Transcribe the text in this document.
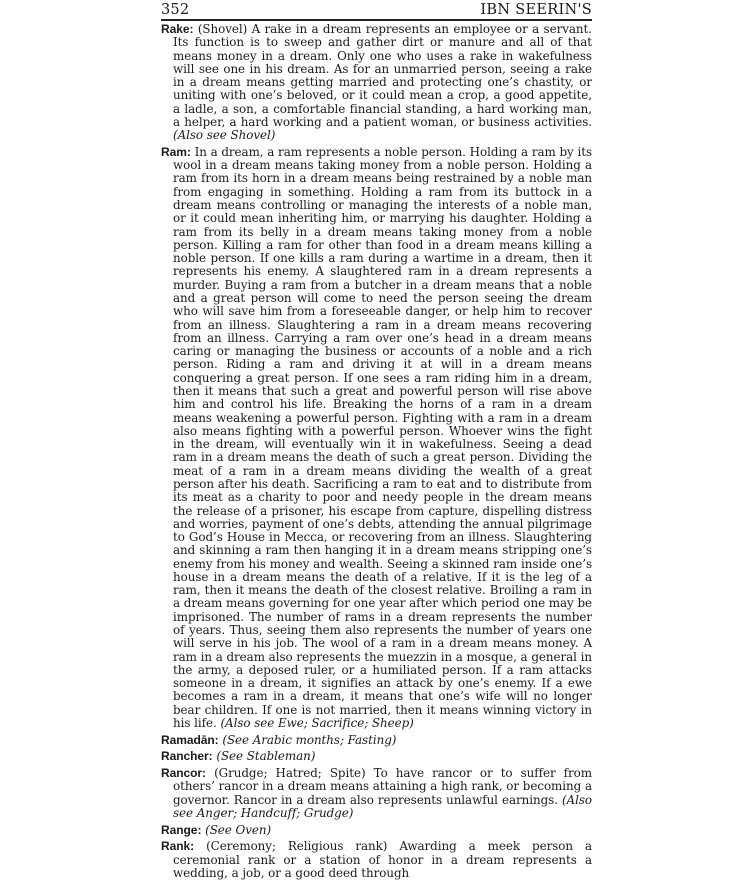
352	IBN SEERIN'S

Rake: (Shovel) A rake in a dream represents an employee or a servant. Its function is to sweep and gather dirt or manure and all of that means money in a dream. Only one who uses a rake in wakefulness will see one in his dream. As for an unmarried person, seeing a rake in a dream means getting married and protecting one’s chastity, or uniting with one’s beloved, or it could mean a crop, a good appetite, a ladle, a son, a comfortable financial standing, a hard working man, a helper, a hard working and a patient woman, or business activities. (Also see Shovel)

Ram: In a dream, a ram represents a noble person. Holding a ram by its wool in a dream means taking money from a noble person. Holding a ram from its horn in a dream means being restrained by a noble man from engaging in something. Holding a ram from its buttock in a dream means controlling or managing the interests of a noble man, or it could mean inheriting him, or marrying his daughter. Holding a ram from its belly in a dream means taking money from a noble person. Killing a ram for other than food in a dream means killing a noble person. If one kills a ram during a wartime in a dream, then it represents his enemy. A slaughtered ram in a dream represents a murder. Buying a ram from a butcher in a dream means that a noble and a great person will come to need the person seeing the dream who will save him from a foreseeable danger, or help him to recover from an illness. Slaughtering a ram in a dream means recovering from an illness. Carrying a ram over one’s head in a dream means caring or managing the business or accounts of a noble and a rich person. Riding a ram and driving it at will in a dream means conquering a great person. If one sees a ram riding him in a dream, then it means that such a great and powerful person will rise above him and control his life. Breaking the horns of a ram in a dream means weakening a powerful person. Fighting with a ram in a dream also means fighting with a powerful person. Whoever wins the fight in the dream, will eventually win it in wakefulness. Seeing a dead ram in a dream means the death of such a great person. Dividing the meat of a ram in a dream means dividing the wealth of a great person after his death. Sacrificing a ram to eat and to distribute from its meat as a charity to poor and needy people in the dream means the release of a prisoner, his escape from capture, dispelling distress and worries, payment of one’s debts, attending the annual pilgrimage to God’s House in Mecca, or recovering from an illness. Slaughtering and skinning a ram then hanging it in a dream means stripping one’s enemy from his money and wealth. Seeing a skinned ram inside one’s house in a dream means the death of a relative. If it is the leg of a ram, then it means the death of the closest relative. Broiling a ram in a dream means governing for one year after which period one may be imprisoned. The number of rams in a dream represents the number of years. Thus, seeing them also represents the number of years one will serve in his job. The wool of a ram in a dream means money. A ram in a dream also represents the muezzin in a mosque, a general in the army, a deposed ruler, or a humiliated person. If a ram attacks someone in a dream, it signifies an attack by one’s enemy. If a ewe becomes a ram in a dream, it means that one’s wife will no longer bear children. If one is not married, then it means winning victory in his life. (Also see Ewe; Sacrifice; Sheep)

Ramadān: (See Arabic months; Fasting)

Rancher: (See Stableman)

Rancor: (Grudge; Hatred; Spite) To have rancor or to suffer from others’ rancor in a dream means attaining a high rank, or becoming a governor. Rancor in a dream also represents unlawful earnings. (Also see Anger; Handcuff; Grudge)

Range: (See Oven)

Rank: (Ceremony; Religious rank) Awarding a meek person a ceremonial rank or a station of honor in a dream represents a wedding, a job, or a good deed through
